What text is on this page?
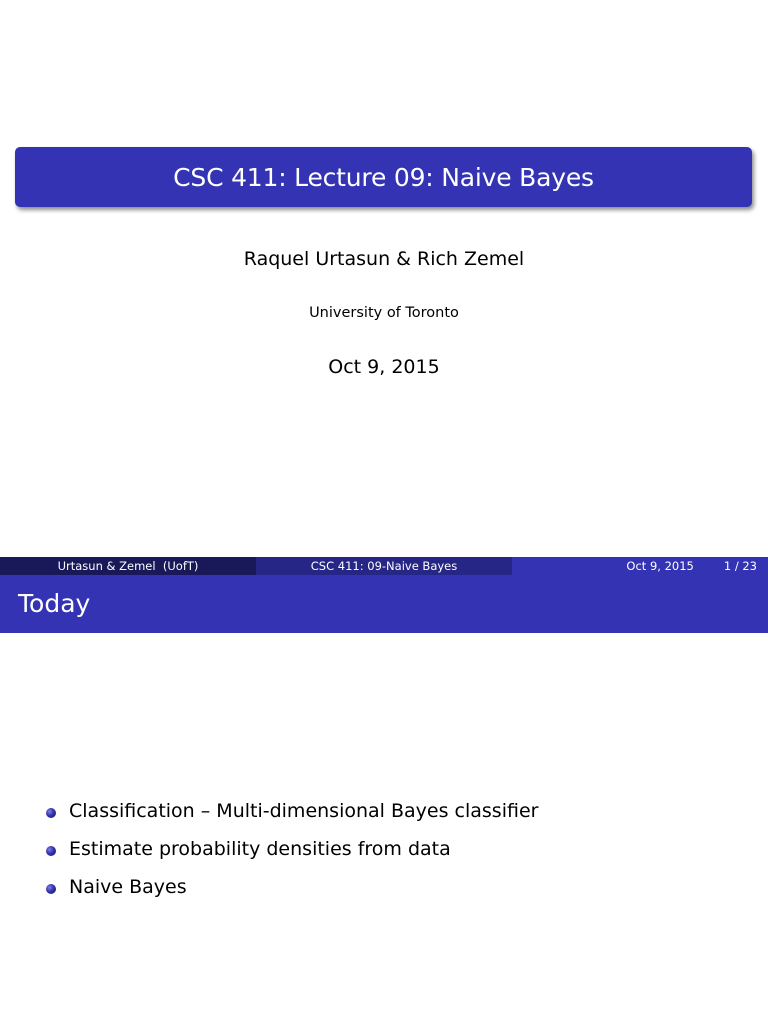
CSC 411: Lecture 09: Naive Bayes
Raquel Urtasun & Rich Zemel
University of Toronto
Oct 9, 2015
Urtasun & Zemel  (UofT)	CSC 411: 09-Naive Bayes	Oct 9, 2015	1 / 23
Today
Classification – Multi-dimensional Bayes classifier
Estimate probability densities from data
Naive Bayes
